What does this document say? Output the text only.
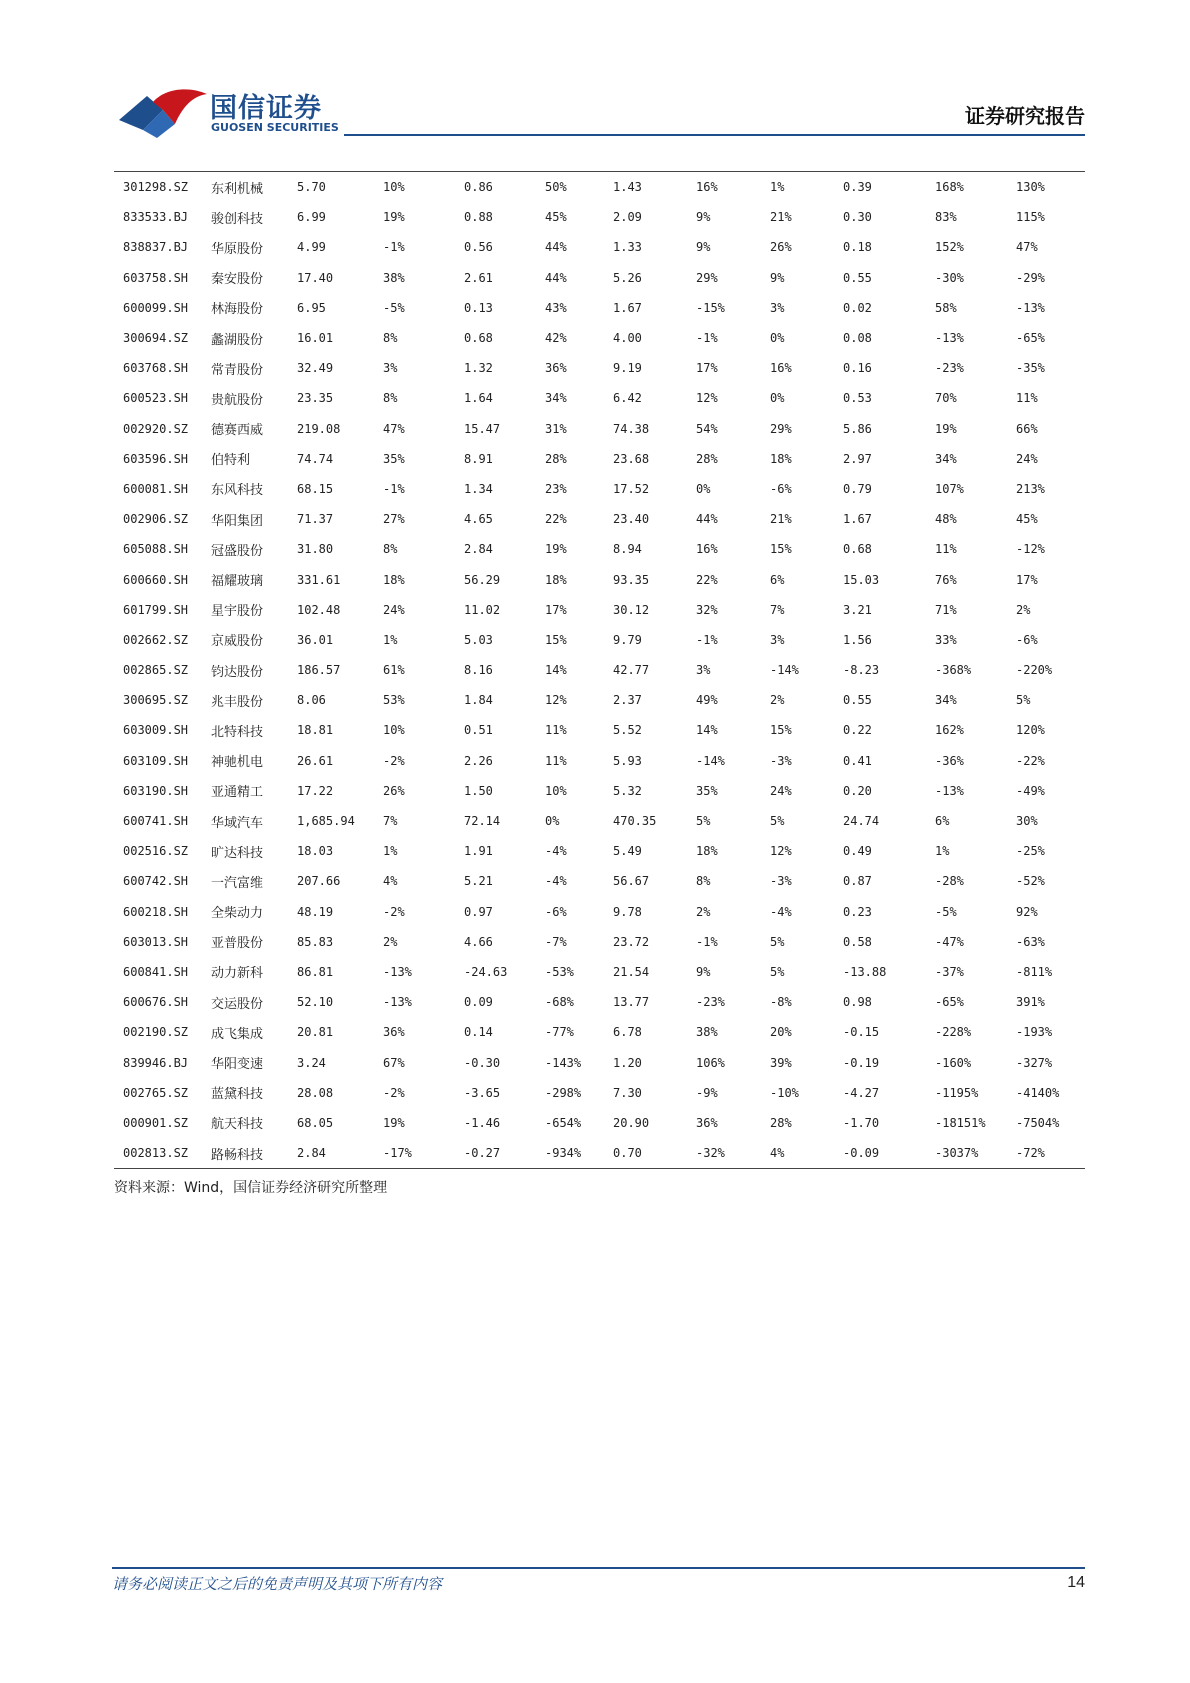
国信证券
GUOSEN SECURITIES	证券研究报告
301298.SZ	东利机械	5.70	10%	0.86	50%	1.43	16%	1%	0.39	168%	130%
833533.BJ	骏创科技	6.99	19%	0.88	45%	2.09	9%	21%	0.30	83%	115%
838837.BJ	华原股份	4.99	-1%	0.56	44%	1.33	9%	26%	0.18	152%	47%
603758.SH	秦安股份	17.40	38%	2.61	44%	5.26	29%	9%	0.55	-30%	-29%
600099.SH	林海股份	6.95	-5%	0.13	43%	1.67	-15%	3%	0.02	58%	-13%
300694.SZ	蠡湖股份	16.01	8%	0.68	42%	4.00	-1%	0%	0.08	-13%	-65%
603768.SH	常青股份	32.49	3%	1.32	36%	9.19	17%	16%	0.16	-23%	-35%
600523.SH	贵航股份	23.35	8%	1.64	34%	6.42	12%	0%	0.53	70%	11%
002920.SZ	德赛西威	219.08	47%	15.47	31%	74.38	54%	29%	5.86	19%	66%
603596.SH	伯特利	74.74	35%	8.91	28%	23.68	28%	18%	2.97	34%	24%
600081.SH	东风科技	68.15	-1%	1.34	23%	17.52	0%	-6%	0.79	107%	213%
002906.SZ	华阳集团	71.37	27%	4.65	22%	23.40	44%	21%	1.67	48%	45%
605088.SH	冠盛股份	31.80	8%	2.84	19%	8.94	16%	15%	0.68	11%	-12%
600660.SH	福耀玻璃	331.61	18%	56.29	18%	93.35	22%	6%	15.03	76%	17%
601799.SH	星宇股份	102.48	24%	11.02	17%	30.12	32%	7%	3.21	71%	2%
002662.SZ	京威股份	36.01	1%	5.03	15%	9.79	-1%	3%	1.56	33%	-6%
002865.SZ	钧达股份	186.57	61%	8.16	14%	42.77	3%	-14%	-8.23	-368%	-220%
300695.SZ	兆丰股份	8.06	53%	1.84	12%	2.37	49%	2%	0.55	34%	5%
603009.SH	北特科技	18.81	10%	0.51	11%	5.52	14%	15%	0.22	162%	120%
603109.SH	神驰机电	26.61	-2%	2.26	11%	5.93	-14%	-3%	0.41	-36%	-22%
603190.SH	亚通精工	17.22	26%	1.50	10%	5.32	35%	24%	0.20	-13%	-49%
600741.SH	华域汽车	1,685.94	7%	72.14	0%	470.35	5%	5%	24.74	6%	30%
002516.SZ	旷达科技	18.03	1%	1.91	-4%	5.49	18%	12%	0.49	1%	-25%
600742.SH	一汽富维	207.66	4%	5.21	-4%	56.67	8%	-3%	0.87	-28%	-52%
600218.SH	全柴动力	48.19	-2%	0.97	-6%	9.78	2%	-4%	0.23	-5%	92%
603013.SH	亚普股份	85.83	2%	4.66	-7%	23.72	-1%	5%	0.58	-47%	-63%
600841.SH	动力新科	86.81	-13%	-24.63	-53%	21.54	9%	5%	-13.88	-37%	-811%
600676.SH	交运股份	52.10	-13%	0.09	-68%	13.77	-23%	-8%	0.98	-65%	391%
002190.SZ	成飞集成	20.81	36%	0.14	-77%	6.78	38%	20%	-0.15	-228%	-193%
839946.BJ	华阳变速	3.24	67%	-0.30	-143%	1.20	106%	39%	-0.19	-160%	-327%
002765.SZ	蓝黛科技	28.08	-2%	-3.65	-298%	7.30	-9%	-10%	-4.27	-1195%	-4140%
000901.SZ	航天科技	68.05	19%	-1.46	-654%	20.90	36%	28%	-1.70	-18151%	-7504%
002813.SZ	路畅科技	2.84	-17%	-0.27	-934%	0.70	-32%	4%	-0.09	-3037%	-72%
资料来源：Wind，国信证券经济研究所整理
请务必阅读正文之后的免责声明及其项下所有内容	14
